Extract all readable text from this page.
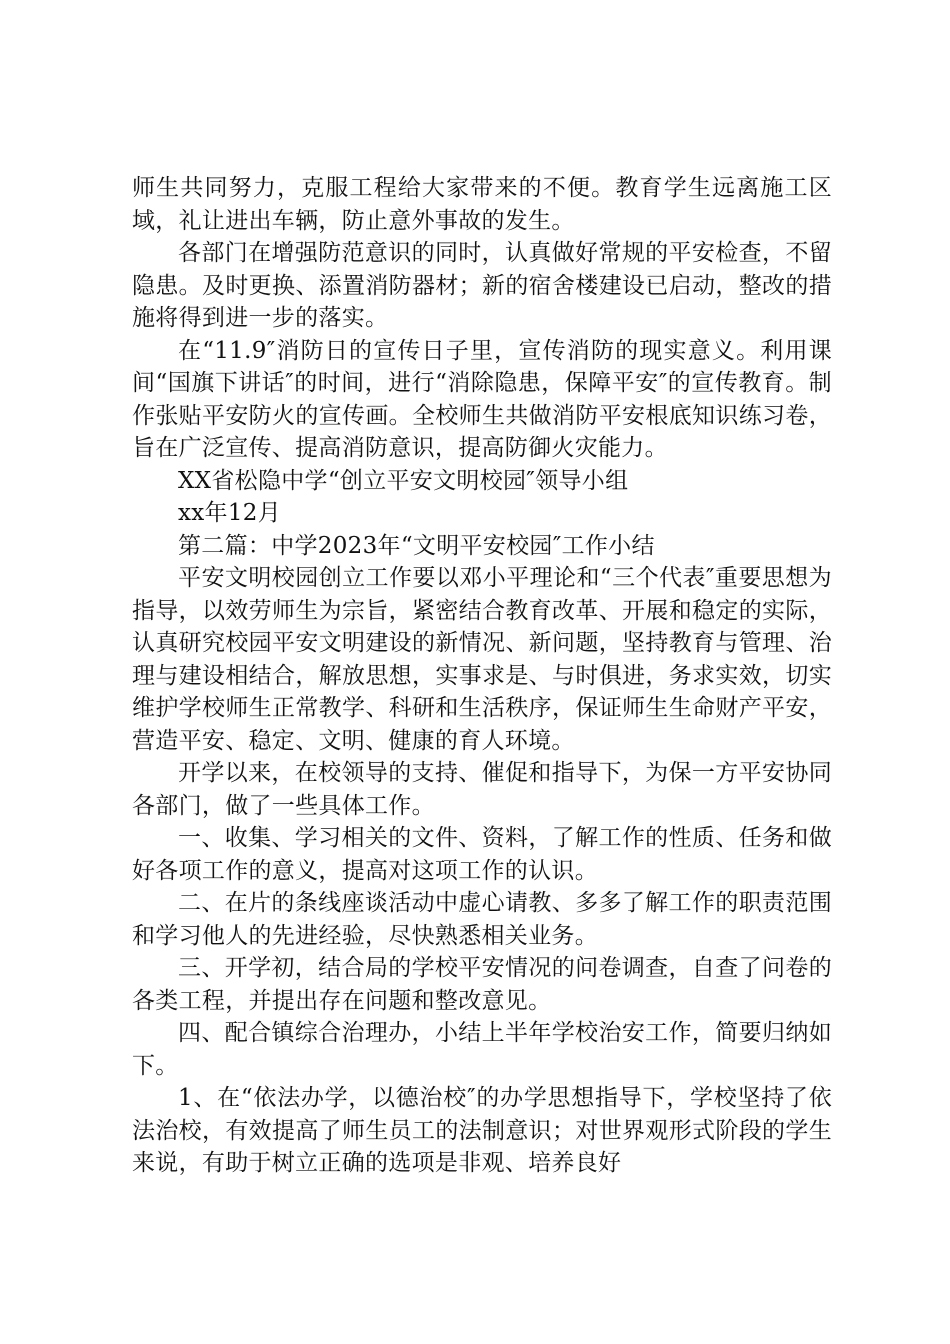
师生共同努力，克服工程给大家带来的不便。教育学生远离施工区域，礼让进出车辆，防止意外事故的发生。

各部门在增强防范意识的同时，认真做好常规的平安检查，不留隐患。及时更换、添置消防器材；新的宿舍楼建设已启动，整改的措施将得到进一步的落实。

在“11.9″消防日的宣传日子里，宣传消防的现实意义。利用课间“国旗下讲话″的时间，进行“消除隐患，保障平安″的宣传教育。制作张贴平安防火的宣传画。全校师生共做消防平安根底知识练习卷，旨在广泛宣传、提高消防意识，提高防御火灾能力。

XX省松隐中学“创立平安文明校园″领导小组

xx年12月

第二篇：中学2023年“文明平安校园″工作小结

平安文明校园创立工作要以邓小平理论和“三个代表″重要思想为指导，以效劳师生为宗旨，紧密结合教育改革、开展和稳定的实际，认真研究校园平安文明建设的新情况、新问题，坚持教育与管理、治理与建设相结合，解放思想，实事求是、与时俱进，务求实效，切实维护学校师生正常教学、科研和生活秩序，保证师生生命财产平安，营造平安、稳定、文明、健康的育人环境。

开学以来，在校领导的支持、催促和指导下，为保一方平安协同各部门，做了一些具体工作。

一、收集、学习相关的文件、资料，了解工作的性质、任务和做好各项工作的意义，提高对这项工作的认识。

二、在片的条线座谈活动中虚心请教、多多了解工作的职责范围和学习他人的先进经验，尽快熟悉相关业务。

三、开学初，结合局的学校平安情况的问卷调查，自查了问卷的各类工程，并提出存在问题和整改意见。

四、配合镇综合治理办，小结上半年学校治安工作，简要归纳如下。

1、在“依法办学，以德治校″的办学思想指导下，学校坚持了依法治校，有效提高了师生员工的法制意识；对世界观形式阶段的学生来说，有助于树立正确的选项是非观、培养良好
